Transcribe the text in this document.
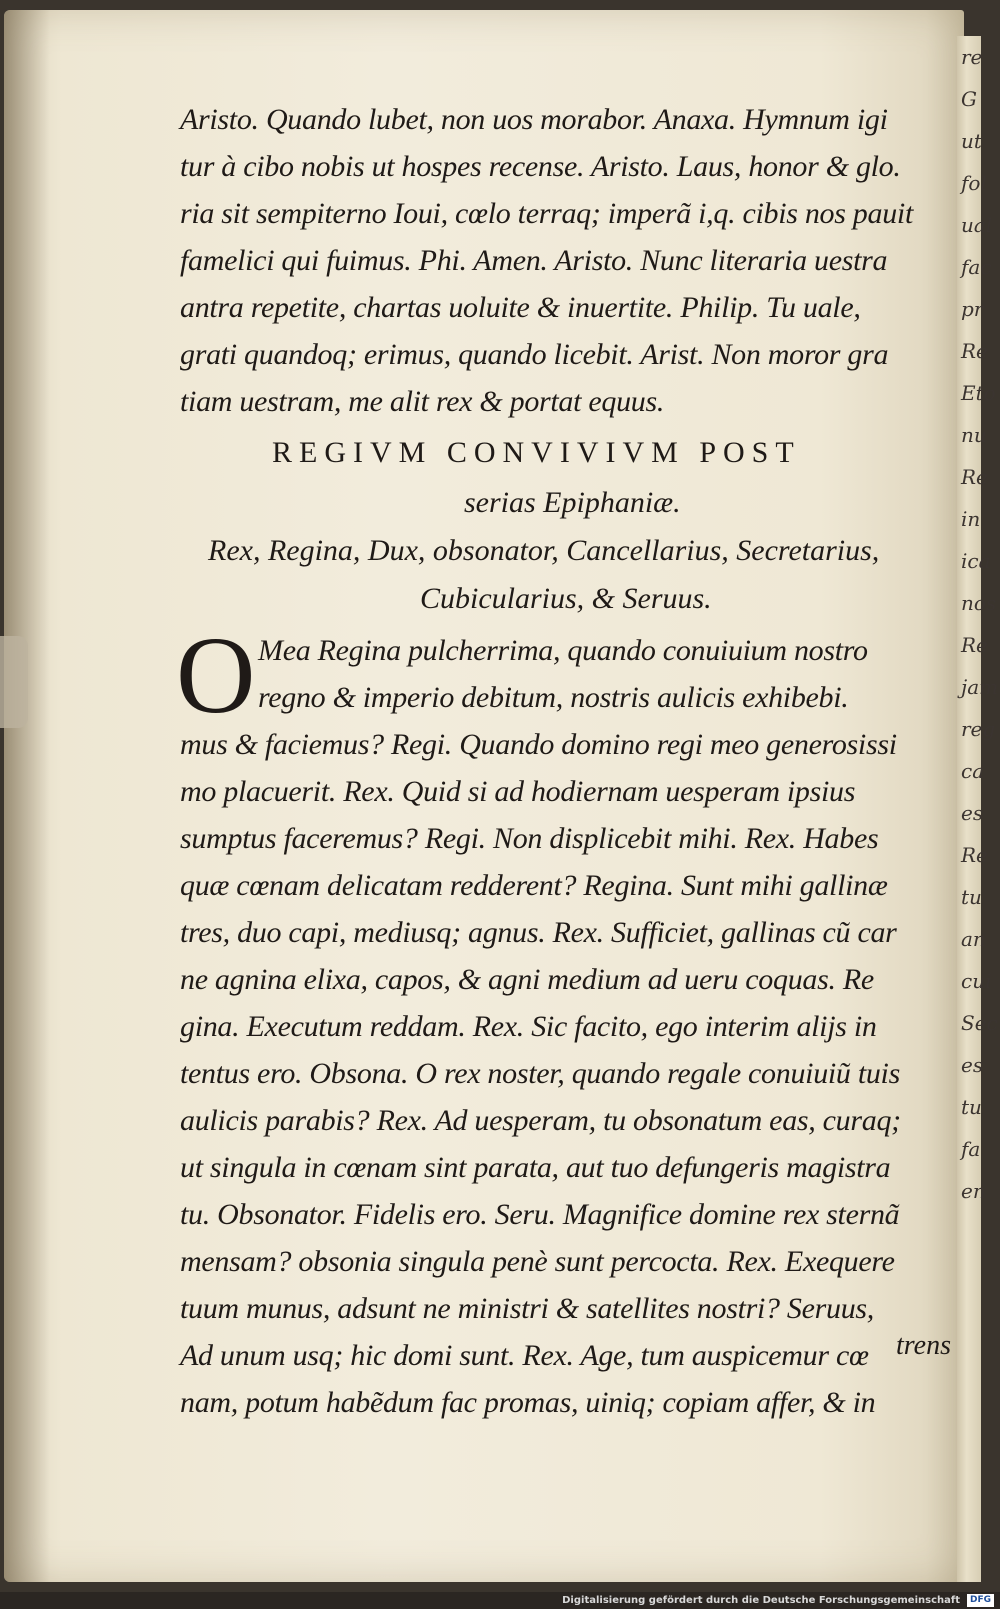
re
G
ut
fol
ual
fac
pr
Re
Eto
nu
Re
in
ica
nos
Re
jam
reg
ca
es
Re
tu
an
cui
Sec
es
tu
fa
en
Aristo. Quando lubet, non uos morabor. Anaxa. Hymnum igi
tur à cibo nobis ut hospes recense. Aristo. Laus, honor & glo.
ria sit sempiterno Ioui, cœlo terraq; imperã i,q. cibis nos pauit
famelici qui fuimus. Phi. Amen. Aristo. Nunc literaria uestra
antra repetite, chartas uoluite & inuertite. Philip. Tu uale,
grati quandoq; erimus, quando licebit. Arist. Non moror gra
tiam uestram, me alit rex & portat equus.
REGIVM CONVIVIVM POST
serias Epiphaniæ.
Rex, Regina, Dux, obsonator, Cancellarius, Secretarius,
Cubicularius, & Seruus.
O Mea Regina pulcherrima, quando conuiuium nostro
regno & imperio debitum, nostris aulicis exhibebi.
mus & faciemus? Regi. Quando domino regi meo generosissi
mo placuerit. Rex. Quid si ad hodiernam uesperam ipsius
sumptus faceremus? Regi. Non displicebit mihi. Rex. Habes
quæ cœnam delicatam redderent? Regina. Sunt mihi gallinæ
tres, duo capi, mediusq; agnus. Rex. Sufficiet, gallinas cũ car
ne agnina elixa, capos, & agni medium ad ueru coquas. Re
gina. Executum reddam. Rex. Sic facito, ego interim alijs in
tentus ero. Obsona. O rex noster, quando regale conuiuiũ tuis
aulicis parabis? Rex. Ad uesperam, tu obsonatum eas, curaq;
ut singula in cœnam sint parata, aut tuo defungeris magistra
tu. Obsonator. Fidelis ero. Seru. Magnifice domine rex sternã
mensam? obsonia singula penè sunt percocta. Rex. Exequere
tuum munus, adsunt ne ministri & satellites nostri? Seruus,
Ad unum usq; hic domi sunt. Rex. Age, tum auspicemur cœ
nam, potum habẽdum fac promas, uiniq; copiam affer, & in
trens
Digitalisierung gefördert durch die Deutsche Forschungsgemeinschaft	DFG
